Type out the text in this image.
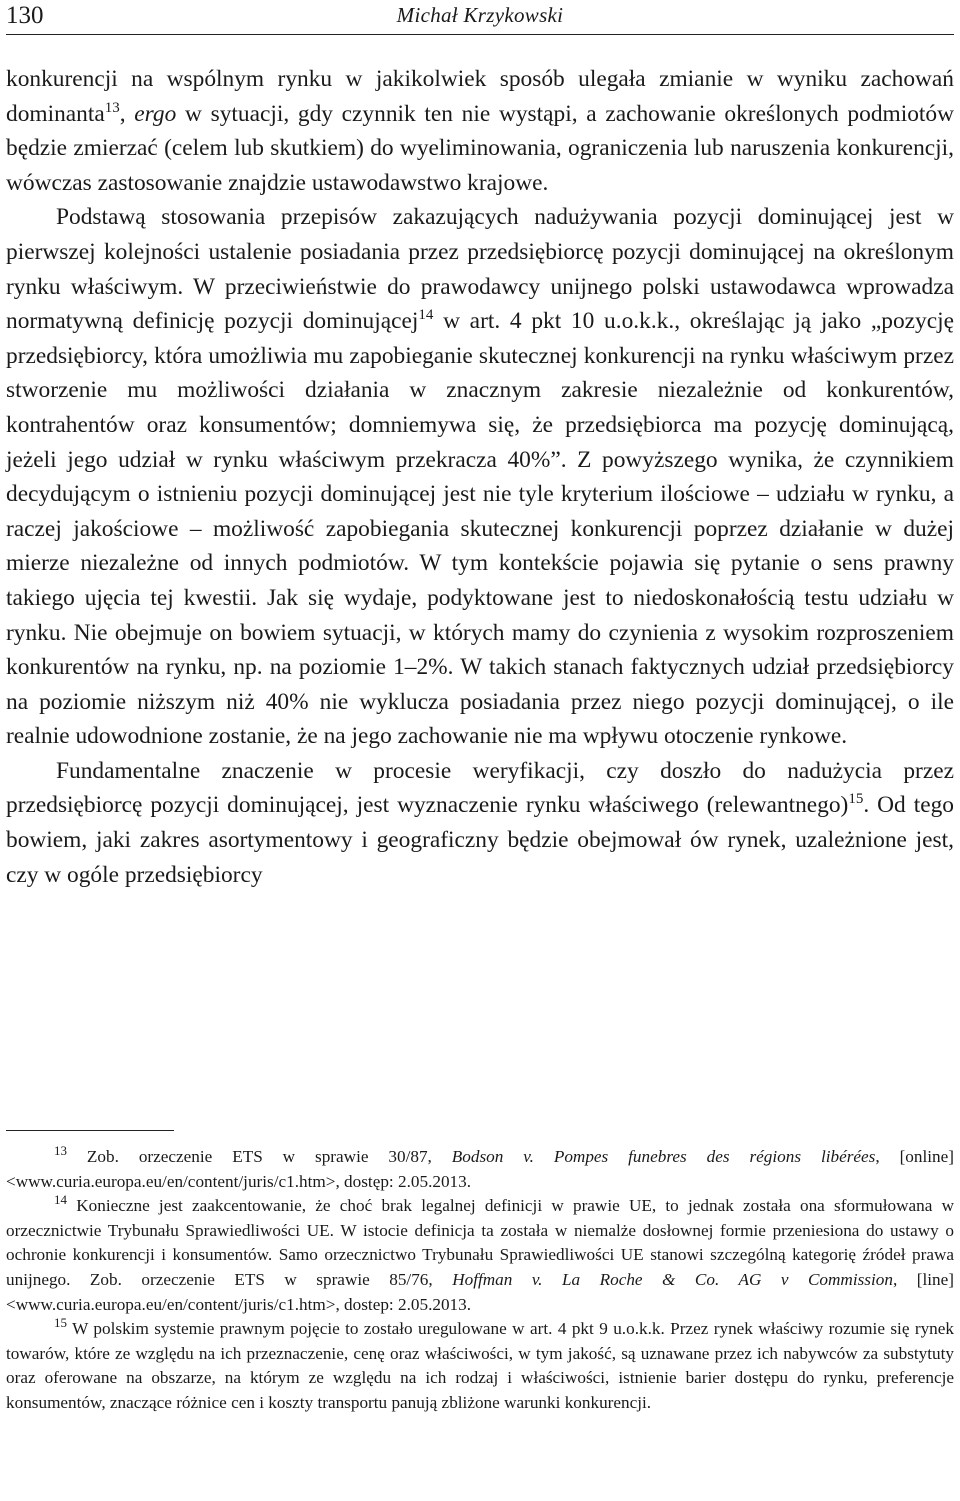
130	Michał Krzykowski

konkurencji na wspólnym rynku w jakikolwiek sposób ulegała zmianie w wyniku zachowań dominanta$^{13}$, ergo w sytuacji, gdy czynnik ten nie wystąpi, a zachowanie określonych podmiotów będzie zmierzać (celem lub skutkiem) do wyeliminowania, ograniczenia lub naruszenia konkurencji, wówczas zastosowanie znajdzie ustawodawstwo krajowe.

Podstawą stosowania przepisów zakazujących nadużywania pozycji dominującej jest w pierwszej kolejności ustalenie posiadania przez przedsiębiorcę pozycji dominującej na określonym rynku właściwym. W przeciwieństwie do prawodawcy unijnego polski ustawodawca wprowadza normatywną definicję pozycji dominującej$^{14}$ w art. 4 pkt 10 u.o.k.k., określając ją jako „pozycję przedsiębiorcy, która umożliwia mu zapobieganie skutecznej konkurencji na rynku właściwym przez stworzenie mu możliwości działania w znacznym zakresie niezależnie od konkurentów, kontrahentów oraz konsumentów; domniemywa się, że przedsiębiorca ma pozycję dominującą, jeżeli jego udział w rynku właściwym przekracza 40%”. Z powyższego wynika, że czynnikiem decydującym o istnieniu pozycji dominującej jest nie tyle kryterium ilościowe – udziału w rynku, a raczej jakościowe – możliwość zapobiegania skutecznej konkurencji poprzez działanie w dużej mierze niezależne od innych podmiotów. W tym kontekście pojawia się pytanie o sens prawny takiego ujęcia tej kwestii. Jak się wydaje, podyktowane jest to niedoskonałością testu udziału w rynku. Nie obejmuje on bowiem sytuacji, w których mamy do czynienia z wysokim rozproszeniem konkurentów na rynku, np. na poziomie 1–2%. W takich stanach faktycznych udział przedsiębiorcy na poziomie niższym niż 40% nie wyklucza posiadania przez niego pozycji dominującej, o ile realnie udowodnione zostanie, że na jego zachowanie nie ma wpływu otoczenie rynkowe.

Fundamentalne znaczenie w procesie weryfikacji, czy doszło do nadużycia przez przedsiębiorcę pozycji dominującej, jest wyznaczenie rynku właściwego (relewantnego)$^{15}$. Od tego bowiem, jaki zakres asortymentowy i geograficzny będzie obejmował ów rynek, uzależnione jest, czy w ogóle przedsiębiorcy

$^{13}$ Zob. orzeczenie ETS w sprawie 30/87, Bodson v. Pompes funebres des régions libérées, [online] <www.curia.europa.eu/en/content/juris/c1.htm>, dostęp: 2.05.2013.

$^{14}$ Konieczne jest zaakcentowanie, że choć brak legalnej definicji w prawie UE, to jednak została ona sformułowana w orzecznictwie Trybunału Sprawiedliwości UE. W istocie definicja ta została w niemalże dosłownej formie przeniesiona do ustawy o ochronie konkurencji i konsumentów. Samo orzecznictwo Trybunału Sprawiedliwości UE stanowi szczególną kategorię źródeł prawa unijnego. Zob. orzeczenie ETS w sprawie 85/76, Hoffman v. La Roche & Co. AG v Commission, [line] <www.curia.europa.eu/en/content/juris/c1.htm>, dostep: 2.05.2013.

$^{15}$ W polskim systemie prawnym pojęcie to zostało uregulowane w art. 4 pkt 9 u.o.k.k. Przez rynek właściwy rozumie się rynek towarów, które ze względu na ich przeznaczenie, cenę oraz właściwości, w tym jakość, są uznawane przez ich nabywców za substytuty oraz oferowane na obszarze, na którym ze względu na ich rodzaj i właściwości, istnienie barier dostępu do rynku, preferencje konsumentów, znaczące różnice cen i koszty transportu panują zbliżone warunki konkurencji.
